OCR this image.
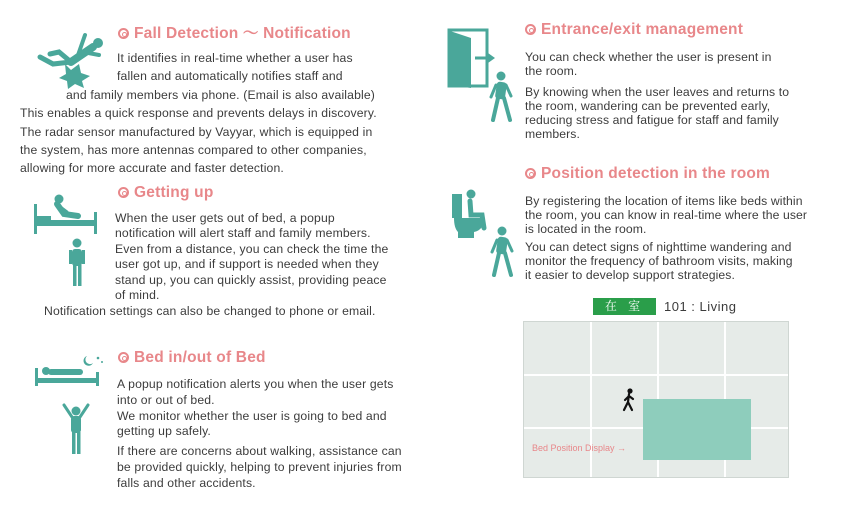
Fall Detection ～ Notification
It identifies in real-time whether a user has
fallen and automatically notifies staff and
and family members via phone. (Email is also available)
This enables a quick response and prevents delays in discovery.
The radar sensor manufactured by Vayyar, which is equipped in
the system, has more antennas compared to other companies,
allowing for more accurate and faster detection.
Getting up
When the user gets out of bed, a popup
notification will alert staff and family members.
Even from a distance, you can check the time the
user got up, and if support is needed when they
stand up, you can quickly assist, providing peace
of mind.
Notification settings can also be changed to phone or email.
Bed in/out of Bed
A popup notification alerts you when the user gets
into or out of bed.
We monitor whether the user is going to bed and
getting up safely.
If there are concerns about walking, assistance can
be provided quickly, helping to prevent injuries from
falls and other accidents.
Entrance/exit management
You can check whether the user is present in
the room.
By knowing when the user leaves and returns to
the room, wandering can be prevented early,
reducing stress and fatigue for staff and family
members.
Position detection in the room
By registering the location of items like beds within
the room, you can know in real-time where the user
is located in the room.
You can detect signs of nighttime wandering and
monitor the frequency of bathroom visits, making
it easier to develop support strategies.
在 室	101 : Living
Bed Position Display →
